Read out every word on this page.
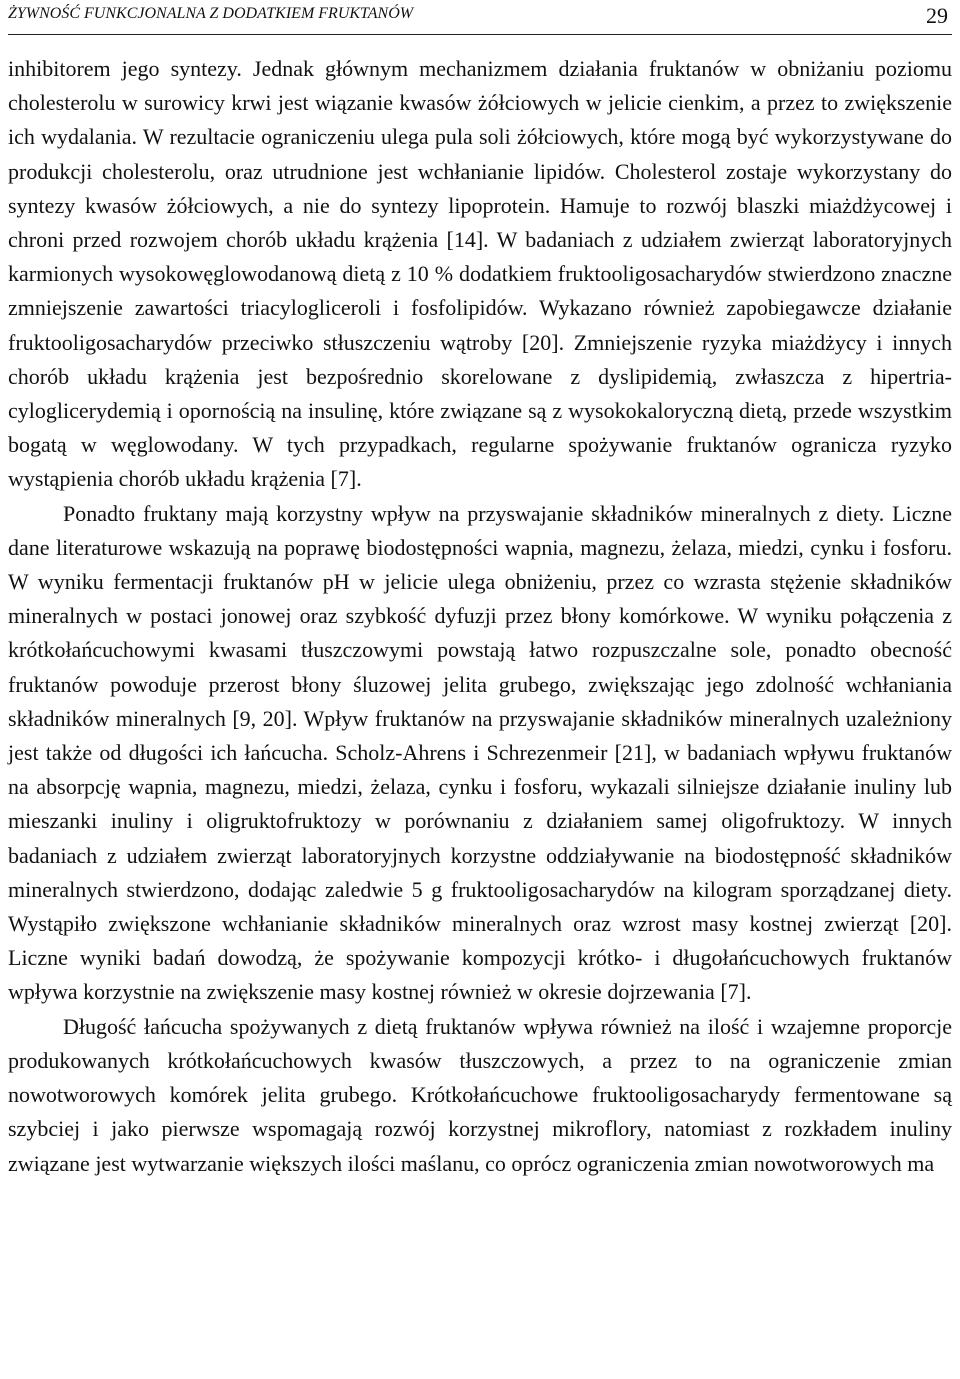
ŻYWNOŚĆ FUNKCJONALNA Z DODATKIEM FRUKTANÓW	29

inhibitorem jego syntezy. Jednak głównym mechanizmem działania fruktanów w obniżaniu poziomu cholesterolu w surowicy krwi jest wiązanie kwasów żółciowych w jelicie cienkim, a przez to zwiększenie ich wydalania. W rezultacie ograniczeniu ulega pula soli żółciowych, które mogą być wykorzystywane do produkcji cholesterolu, oraz utrudnione jest wchłanianie lipidów. Cholesterol zostaje wykorzystany do syntezy kwasów żółciowych, a nie do syntezy lipoprotein. Hamuje to rozwój blaszki miażdżycowej i chroni przed rozwojem chorób układu krążenia [14]. W badaniach z udziałem zwierząt laboratoryjnych karmionych wysokowęglowodanową dietą z 10 % dodatkiem fruktooligosacharydów stwierdzono znaczne zmniejszenie zawartości triacylogliceroli i fosfolipidów. Wykazano również zapobiegawcze działanie fruktooligosacharydów przeciwko stłuszczeniu wątroby [20]. Zmniejszenie ryzyka miażdżycy i innych chorób układu krążenia jest bezpośrednio skorelowane z dyslipidemią, zwłaszcza z hipertriacyloglicerydemią i opornością na insulinę, które związane są z wysokokaloryczną dietą, przede wszystkim bogatą w węglowodany. W tych przypadkach, regularne spożywanie fruktanów ogranicza ryzyko wystąpienia chorób układu krążenia [7].

Ponadto fruktany mają korzystny wpływ na przyswajanie składników mineralnych z diety. Liczne dane literaturowe wskazują na poprawę biodostępności wapnia, magnezu, żelaza, miedzi, cynku i fosforu. W wyniku fermentacji fruktanów pH w jelicie ulega obniżeniu, przez co wzrasta stężenie składników mineralnych w postaci jonowej oraz szybkość dyfuzji przez błony komórkowe. W wyniku połączenia z krótkołańcuchowymi kwasami tłuszczowymi powstają łatwo rozpuszczalne sole, ponadto obecność fruktanów powoduje przerost błony śluzowej jelita grubego, zwiększając jego zdolność wchłaniania składników mineralnych [9, 20]. Wpływ fruktanów na przyswajanie składników mineralnych uzależniony jest także od długości ich łańcucha. Scholz-Ahrens i Schrezenmeir [21], w badaniach wpływu fruktanów na absorpcję wapnia, magnezu, miedzi, żelaza, cynku i fosforu, wykazali silniejsze działanie inuliny lub mieszanki inuliny i oligruktofruktozy w porównaniu z działaniem samej oligofruktozy. W innych badaniach z udziałem zwierząt laboratoryjnych korzystne oddziaływanie na biodostępność składników mineralnych stwierdzono, dodając zaledwie 5 g fruktooligosacharydów na kilogram sporządzanej diety. Wystąpiło zwiększone wchłanianie składników mineralnych oraz wzrost masy kostnej zwierząt [20]. Liczne wyniki badań dowodzą, że spożywanie kompozycji krótko- i długołańcuchowych fruktanów wpływa korzystnie na zwiększenie masy kostnej również w okresie dojrzewania [7].

Długość łańcucha spożywanych z dietą fruktanów wpływa również na ilość i wzajemne proporcje produkowanych krótkołańcuchowych kwasów tłuszczowych, a przez to na ograniczenie zmian nowotworowych komórek jelita grubego. Krótkołańcuchowe fruktooligosacharydy fermentowane są szybciej i jako pierwsze wspomagają rozwój korzystnej mikroflory, natomiast z rozkładem inuliny związane jest wytwarzanie większych ilości maślanu, co oprócz ograniczenia zmian nowotworowych ma
